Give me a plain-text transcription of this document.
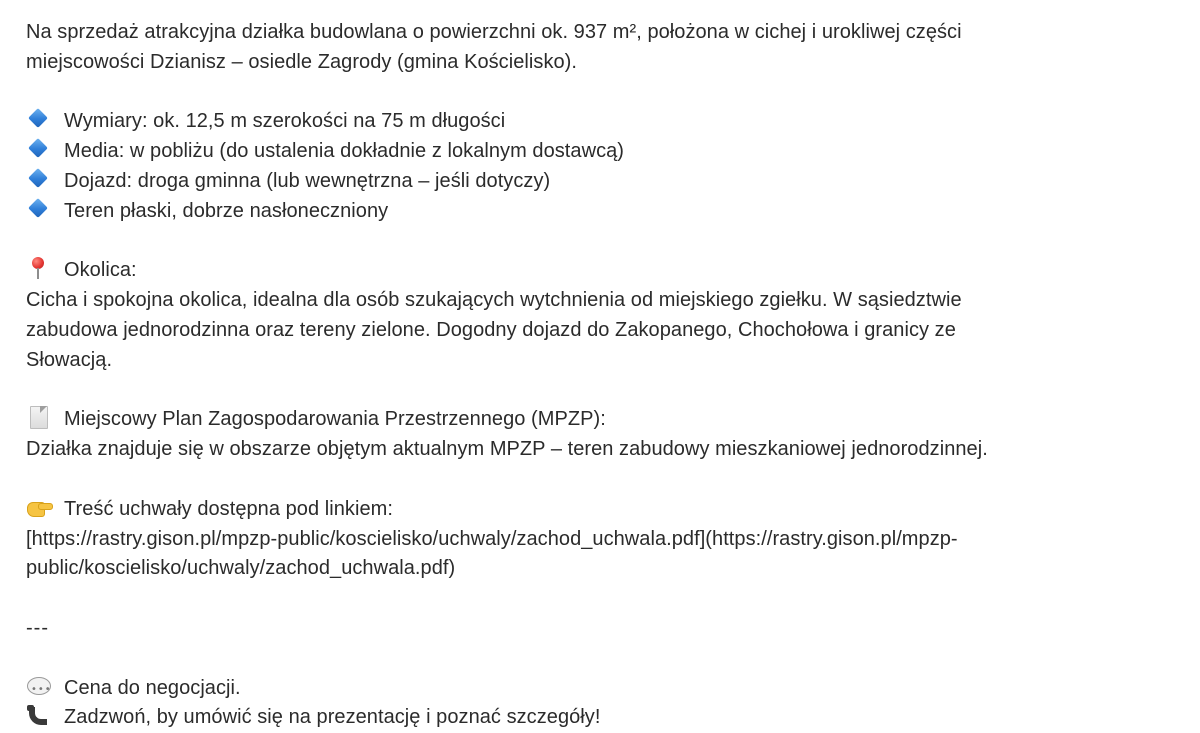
Na sprzedaż atrakcyjna działka budowlana o powierzchni ok. 937 m², położona w cichej i urokliwej części
miejscowości Dzianisz – osiedle Zagrody (gmina Kościelisko).
Wymiary: ok. 12,5 m szerokości na 75 m długości
Media: w pobliżu (do ustalenia dokładnie z lokalnym dostawcą)
Dojazd: droga gminna (lub wewnętrzna – jeśli dotyczy)
Teren płaski, dobrze nasłoneczniony
Okolica:
Cicha i spokojna okolica, idealna dla osób szukających wytchnienia od miejskiego zgiełku. W sąsiedztwie
zabudowa jednorodzinna oraz tereny zielone. Dogodny dojazd do Zakopanego, Chochołowa i granicy ze
Słowacją.
Miejscowy Plan Zagospodarowania Przestrzennego (MPZP):
Działka znajduje się w obszarze objętym aktualnym MPZP – teren zabudowy mieszkaniowej jednorodzinnej.
Treść uchwały dostępna pod linkiem:
[https://rastry.gison.pl/mpzp-public/koscielisko/uchwaly/zachod_uchwala.pdf](https://rastry.gison.pl/mpzp-
public/koscielisko/uchwaly/zachod_uchwala.pdf)
---
•••Cena do negocjacji.
Zadzwoń, by umówić się na prezentację i poznać szczegóły!
